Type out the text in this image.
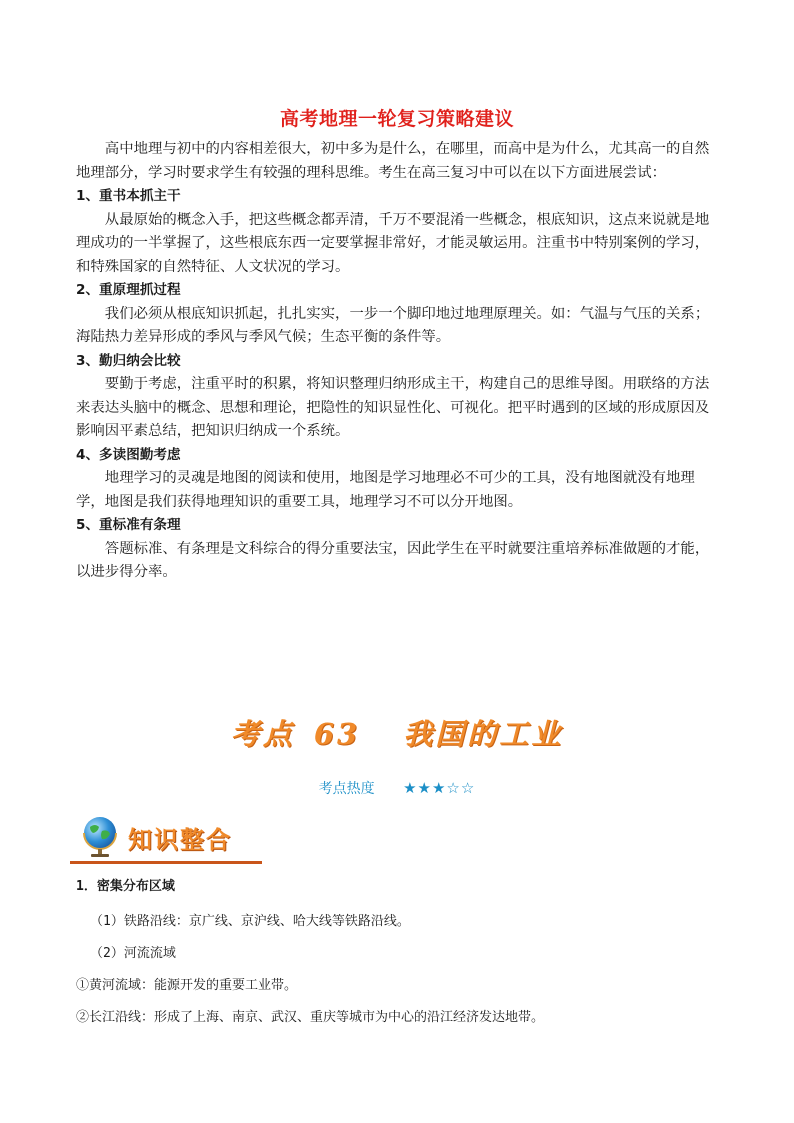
高考地理一轮复习策略建议

高中地理与初中的内容相差很大，初中多为是什么，在哪里，而高中是为什么，尤其高一的自然地理部分，学习时要求学生有较强的理科思维。考生在高三复习中可以在以下方面进展尝试：

1、重书本抓主干

从最原始的概念入手，把这些概念都弄清，千万不要混淆一些概念，根底知识，这点来说就是地理成功的一半掌握了，这些根底东西一定要掌握非常好，才能灵敏运用。注重书中特别案例的学习，和特殊国家的自然特征、人文状况的学习。

2、重原理抓过程

我们必须从根底知识抓起，扎扎实实，一步一个脚印地过地理原理关。如：气温与气压的关系；海陆热力差异形成的季风与季风气候；生态平衡的条件等。

3、勤归纳会比较

要勤于考虑，注重平时的积累，将知识整理归纳形成主干，构建自己的思维导图。用联络的方法来表达头脑中的概念、思想和理论，把隐性的知识显性化、可视化。把平时遇到的区域的形成原因及影响因平素总结，把知识归纳成一个系统。

4、多读图勤考虑

地理学习的灵魂是地图的阅读和使用，地图是学习地理必不可少的工具，没有地图就没有地理学，地图是我们获得地理知识的重要工具，地理学习不可以分开地图。

5、重标准有条理

答题标准、有条理是文科综合的得分重要法宝，因此学生在平时就要注重培养标准做题的才能，以进步得分率。

考点 63 我国的工业
考点热度 ★★★☆☆
知识整合
1．密集分布区域
（1）铁路沿线：京广线、京沪线、哈大线等铁路沿线。
（2）河流流域
①黄河流域：能源开发的重要工业带。
②长江沿线：形成了上海、南京、武汉、重庆等城市为中心的沿江经济发达地带。
